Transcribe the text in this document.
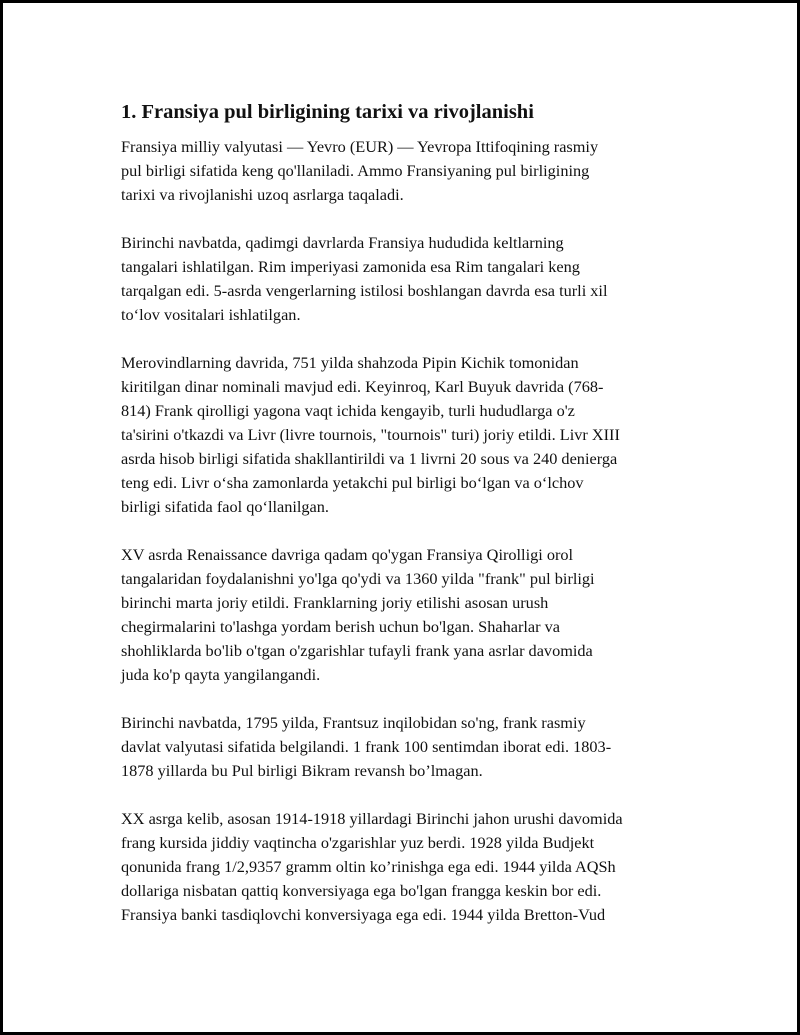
1. Fransiya pul birligining tarixi va rivojlanishi

Fransiya milliy valyutasi — Yevro (EUR) — Yevropa Ittifoqining rasmiy
pul birligi sifatida keng qo'llaniladi. Ammo Fransiyaning pul birligining
tarixi va rivojlanishi uzoq asrlarga taqaladi.

Birinchi navbatda, qadimgi davrlarda Fransiya hududida keltlarning
tangalari ishlatilgan. Rim imperiyasi zamonida esa Rim tangalari keng
tarqalgan edi. 5-asrda vengerlarning istilosi boshlangan davrda esa turli xil
to‘lov vositalari ishlatilgan.

Merovindlarning davrida, 751 yilda shahzoda Pipin Kichik tomonidan
kiritilgan dinar nominali mavjud edi. Keyinroq, Karl Buyuk davrida (768-
814) Frank qirolligi yagona vaqt ichida kengayib, turli hududlarga o'z
ta'sirini o'tkazdi va Livr (livre tournois, "tournois" turi) joriy etildi. Livr XIII
asrda hisob birligi sifatida shakllantirildi va 1 livrni 20 sous va 240 denierga
teng edi. Livr o‘sha zamonlarda yetakchi pul birligi bo‘lgan va o‘lchov
birligi sifatida faol qo‘llanilgan.

XV asrda Renaissance davriga qadam qo'ygan Fransiya Qirolligi orol
tangalaridan foydalanishni yo'lga qo'ydi va 1360 yilda "frank" pul birligi
birinchi marta joriy etildi. Franklarning joriy etilishi asosan urush
chegirmalarini to'lashga yordam berish uchun bo'lgan. Shaharlar va
shohliklarda bo'lib o'tgan o'zgarishlar tufayli frank yana asrlar davomida
juda ko'p qayta yangilangandi.

Birinchi navbatda, 1795 yilda, Frantsuz inqilobidan so'ng, frank rasmiy
davlat valyutasi sifatida belgilandi. 1 frank 100 sentimdan iborat edi. 1803-
1878 yillarda bu Pul birligi Bikram revansh bo’lmagan.

XX asrga kelib, asosan 1914-1918 yillardagi Birinchi jahon urushi davomida
frang kursida jiddiy vaqtincha o'zgarishlar yuz berdi. 1928 yilda Budjekt
qonunida frang 1/2,9357 gramm oltin ko’rinishga ega edi. 1944 yilda AQSh
dollariga nisbatan qattiq konversiyaga ega bo'lgan frangga keskin bor edi.
Fransiya banki tasdiqlovchi konversiyaga ega edi. 1944 yilda Bretton-Vud
